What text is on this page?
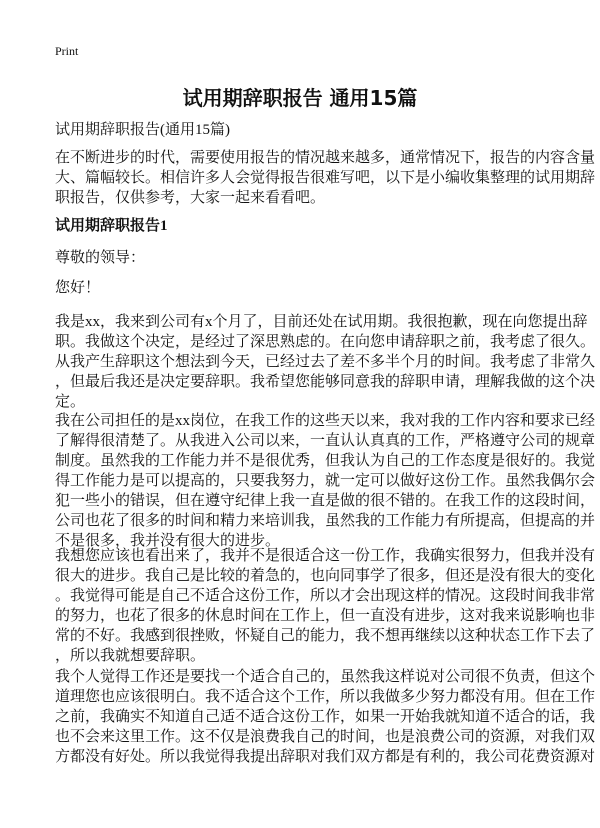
Print
试用期辞职报告 通用15篇
试用期辞职报告(通用15篇)
在不断进步的时代，需要使用报告的情况越来越多，通常情况下，报告的内容含量
大、篇幅较长。相信许多人会觉得报告很难写吧，以下是小编收集整理的试用期辞
职报告，仅供参考，大家一起来看看吧。
试用期辞职报告1
尊敬的领导：
您好！
我是xx，我来到公司有x个月了，目前还处在试用期。我很抱歉，现在向您提出辞
职。我做这个决定，是经过了深思熟虑的。在向您申请辞职之前，我考虑了很久。
从我产生辞职这个想法到今天，已经过去了差不多半个月的时间。我考虑了非常久
，但最后我还是决定要辞职。我希望您能够同意我的辞职申请，理解我做的这个决
定。
我在公司担任的是xx岗位，在我工作的这些天以来，我对我的工作内容和要求已经
了解得很清楚了。从我进入公司以来，一直认认真真的工作，严格遵守公司的规章
制度。虽然我的工作能力并不是很优秀，但我认为自己的工作态度是很好的。我觉
得工作能力是可以提高的，只要我努力，就一定可以做好这份工作。虽然我偶尔会
犯一些小的错误，但在遵守纪律上我一直是做的很不错的。在我工作的这段时间，
公司也花了很多的时间和精力来培训我，虽然我的工作能力有所提高，但提高的并
不是很多，我并没有很大的进步。
我想您应该也看出来了，我并不是很适合这一份工作，我确实很努力，但我并没有
很大的进步。我自己是比较的着急的，也向同事学了很多，但还是没有很大的变化
。我觉得可能是自己不适合这份工作，所以才会出现这样的情况。这段时间我非常
的努力，也花了很多的休息时间在工作上，但一直没有进步，这对我来说影响也非
常的不好。我感到很挫败，怀疑自己的能力，我不想再继续以这种状态工作下去了
，所以我就想要辞职。
我个人觉得工作还是要找一个适合自己的，虽然我这样说对公司很不负责，但这个
道理您也应该很明白。我不适合这个工作，所以我做多少努力都没有用。但在工作
之前，我确实不知道自己适不适合这份工作，如果一开始我就知道不适合的话，我
也不会来这里工作。这不仅是浪费我自己的时间，也是浪费公司的资源，对我们双
方都没有好处。所以我觉得我提出辞职对我们双方都是有利的，我公司花费资源对
